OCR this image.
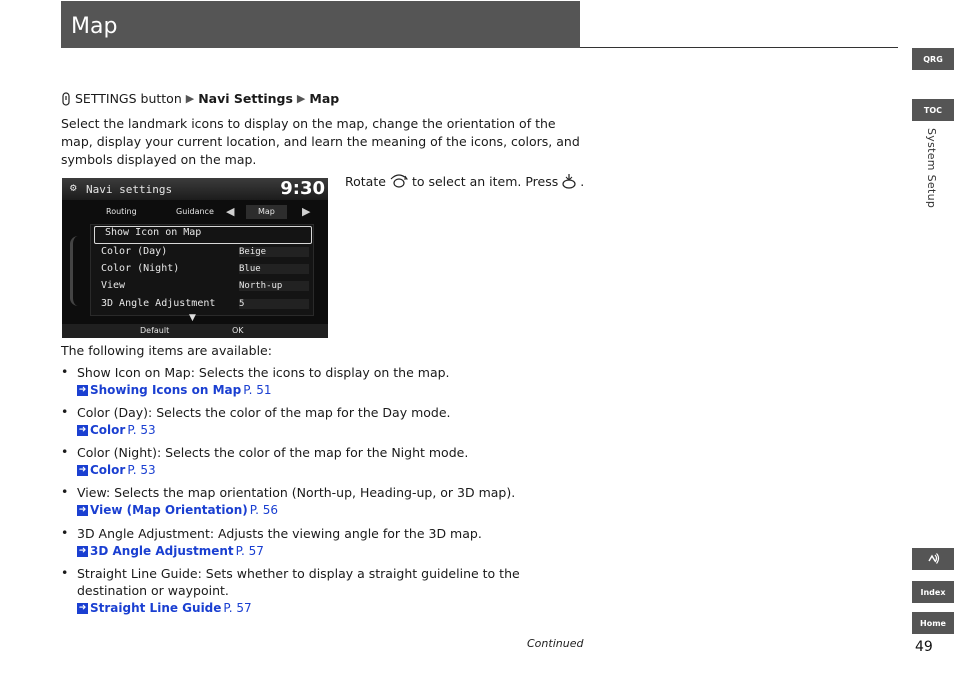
Map
QRG
TOC
System Setup
Index
Home
49
SETTINGS button ▶ Navi Settings ▶ Map

Select the landmark icons to display on the map, change the orientation of the map, display your current location, and learn the meaning of the icons, colors, and symbols displayed on the map.

⚙ Navi settings	9:30
Routing	Guidance ◀	Map	▶
Show Icon on Map
Color (Day)	Beige
Color (Night)	Blue
View	North-up
3D Angle Adjustment	5
▼
Default	OK
Rotate to select an item. Press .
The following items are available:
• Show Icon on Map: Selects the icons to display on the map.
➜ Showing Icons on Map P. 51
• Color (Day): Selects the color of the map for the Day mode.
➜ Color P. 53
• Color (Night): Selects the color of the map for the Night mode.
➜ Color P. 53
• View: Selects the map orientation (North-up, Heading-up, or 3D map).
➜ View (Map Orientation) P. 56
• 3D Angle Adjustment: Adjusts the viewing angle for the 3D map.
➜ 3D Angle Adjustment P. 57
• Straight Line Guide: Sets whether to display a straight guideline to the destination or waypoint.
➜ Straight Line Guide P. 57
Continued
